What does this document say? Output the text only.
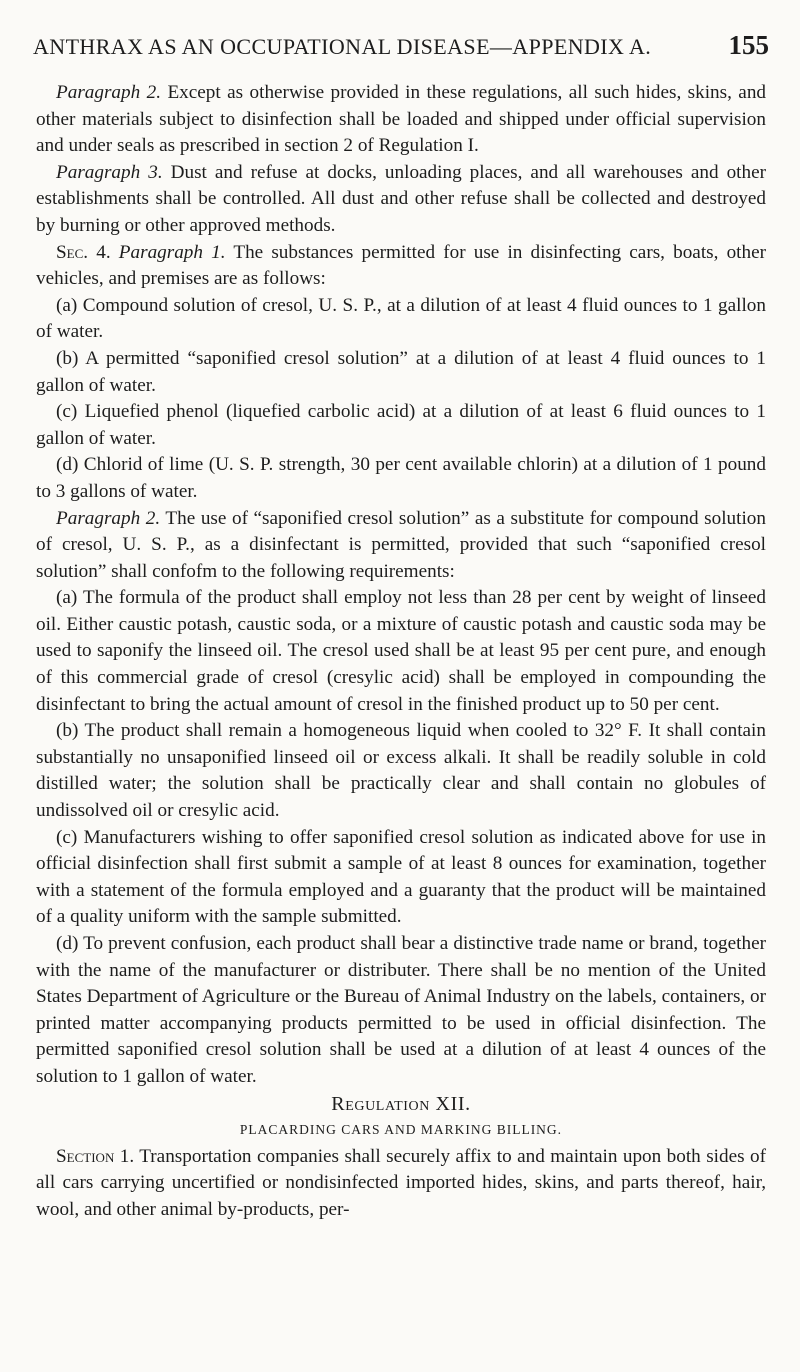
ANTHRAX AS AN OCCUPATIONAL DISEASE—APPENDIX A.	155

Paragraph 2. Except as otherwise provided in these regulations, all such hides, skins, and other materials subject to disinfection shall be loaded and shipped under official supervision and under seals as prescribed in section 2 of Regulation I.

Paragraph 3. Dust and refuse at docks, unloading places, and all warehouses and other establishments shall be controlled. All dust and other refuse shall be collected and destroyed by burning or other approved methods.

Sec. 4. Paragraph 1. The substances permitted for use in disinfecting cars, boats, other vehicles, and premises are as follows:

(a) Compound solution of cresol, U. S. P., at a dilution of at least 4 fluid ounces to 1 gallon of water.

(b) A permitted “saponified cresol solution” at a dilution of at least 4 fluid ounces to 1 gallon of water.

(c) Liquefied phenol (liquefied carbolic acid) at a dilution of at least 6 fluid ounces to 1 gallon of water.

(d) Chlorid of lime (U. S. P. strength, 30 per cent available chlorin) at a dilution of 1 pound to 3 gallons of water.

Paragraph 2. The use of “saponified cresol solution” as a substitute for compound solution of cresol, U. S. P., as a disinfectant is permitted, provided that such “saponified cresol solution” shall confofm to the following requirements:

(a) The formula of the product shall employ not less than 28 per cent by weight of linseed oil. Either caustic potash, caustic soda, or a mixture of caustic potash and caustic soda may be used to saponify the linseed oil. The cresol used shall be at least 95 per cent pure, and enough of this commercial grade of cresol (cresylic acid) shall be employed in compounding the disinfectant to bring the actual amount of cresol in the finished product up to 50 per cent.

(b) The product shall remain a homogeneous liquid when cooled to 32° F. It shall contain substantially no unsaponified linseed oil or excess alkali. It shall be readily soluble in cold distilled water; the solution shall be practically clear and shall contain no globules of undissolved oil or cresylic acid.

(c) Manufacturers wishing to offer saponified cresol solution as indicated above for use in official disinfection shall first submit a sample of at least 8 ounces for examination, together with a statement of the formula employed and a guaranty that the product will be maintained of a quality uniform with the sample submitted.

(d) To prevent confusion, each product shall bear a distinctive trade name or brand, together with the name of the manufacturer or distributer. There shall be no mention of the United States Department of Agriculture or the Bureau of Animal Industry on the labels, containers, or printed matter accompanying products permitted to be used in official disinfection. The permitted saponified cresol solution shall be used at a dilution of at least 4 ounces of the solution to 1 gallon of water.

Regulation XII.

PLACARDING CARS AND MARKING BILLING.

Section 1. Transportation companies shall securely affix to and maintain upon both sides of all cars carrying uncertified or nondisinfected imported hides, skins, and parts thereof, hair, wool, and other animal by-products, per-
